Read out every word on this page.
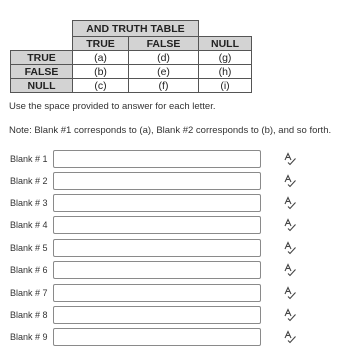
	AND TRUTH TABLE		
	TRUE	FALSE	NULL
TRUE	(a)	(d)	(g)
FALSE	(b)	(e)	(h)
NULL	(c)	(f)	(i)

Use the space provided to answer for each letter.

Note: Blank #1 corresponds to (a), Blank #2 corresponds to (b), and so forth.

Blank # 1
Blank # 2
Blank # 3
Blank # 4
Blank # 5
Blank # 6
Blank # 7
Blank # 8
Blank # 9
